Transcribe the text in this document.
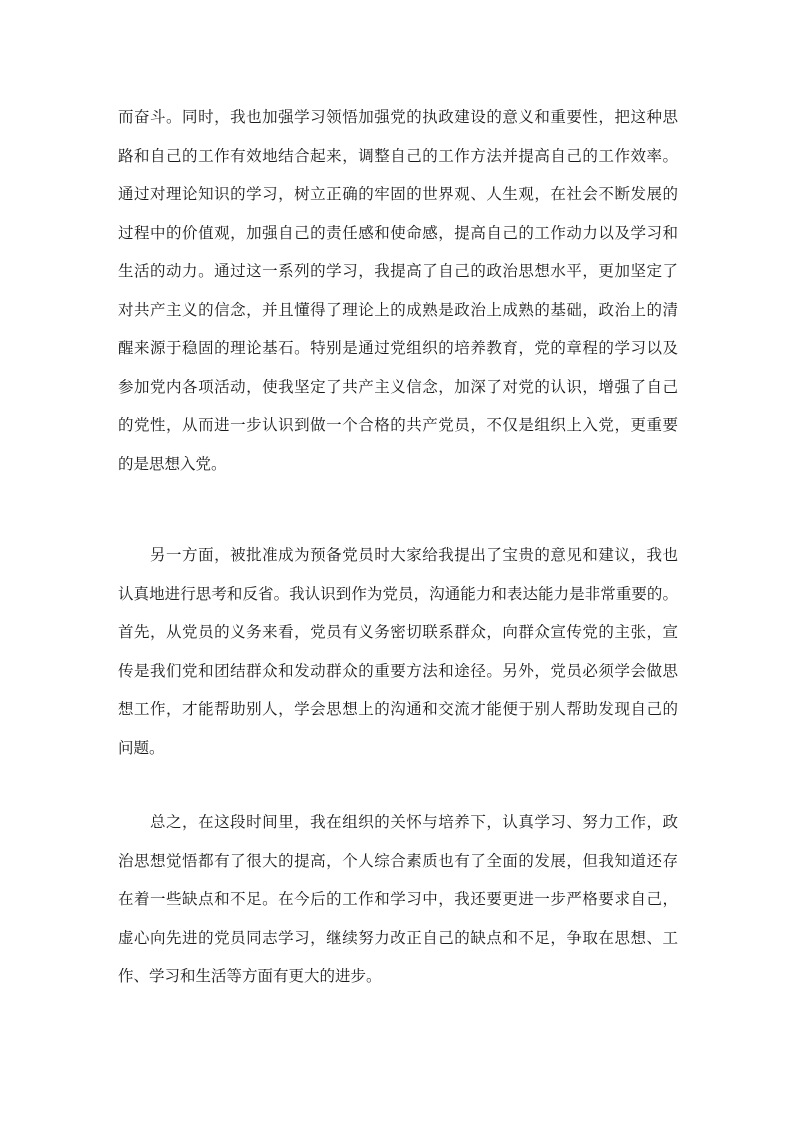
而奋斗。同时，我也加强学习领悟加强党的执政建设的意义和重要性，把这种思
路和自己的工作有效地结合起来，调整自己的工作方法并提高自己的工作效率。
通过对理论知识的学习，树立正确的牢固的世界观、人生观，在社会不断发展的
过程中的价值观，加强自己的责任感和使命感，提高自己的工作动力以及学习和
生活的动力。通过这一系列的学习，我提高了自己的政治思想水平，更加坚定了
对共产主义的信念，并且懂得了理论上的成熟是政治上成熟的基础，政治上的清
醒来源于稳固的理论基石。特别是通过党组织的培养教育，党的章程的学习以及
参加党内各项活动，使我坚定了共产主义信念，加深了对党的认识，增强了自己
的党性，从而进一步认识到做一个合格的共产党员，不仅是组织上入党，更重要
的是思想入党。
　　另一方面，被批准成为预备党员时大家给我提出了宝贵的意见和建议，我也
认真地进行思考和反省。我认识到作为党员，沟通能力和表达能力是非常重要的。
首先，从党员的义务来看，党员有义务密切联系群众，向群众宣传党的主张，宣
传是我们党和团结群众和发动群众的重要方法和途径。另外，党员必须学会做思
想工作，才能帮助别人，学会思想上的沟通和交流才能便于别人帮助发现自己的
问题。
　　总之，在这段时间里，我在组织的关怀与培养下，认真学习、努力工作，政
治思想觉悟都有了很大的提高，个人综合素质也有了全面的发展，但我知道还存
在着一些缺点和不足。在今后的工作和学习中，我还要更进一步严格要求自己，
虚心向先进的党员同志学习，继续努力改正自己的缺点和不足，争取在思想、工
作、学习和生活等方面有更大的进步。
